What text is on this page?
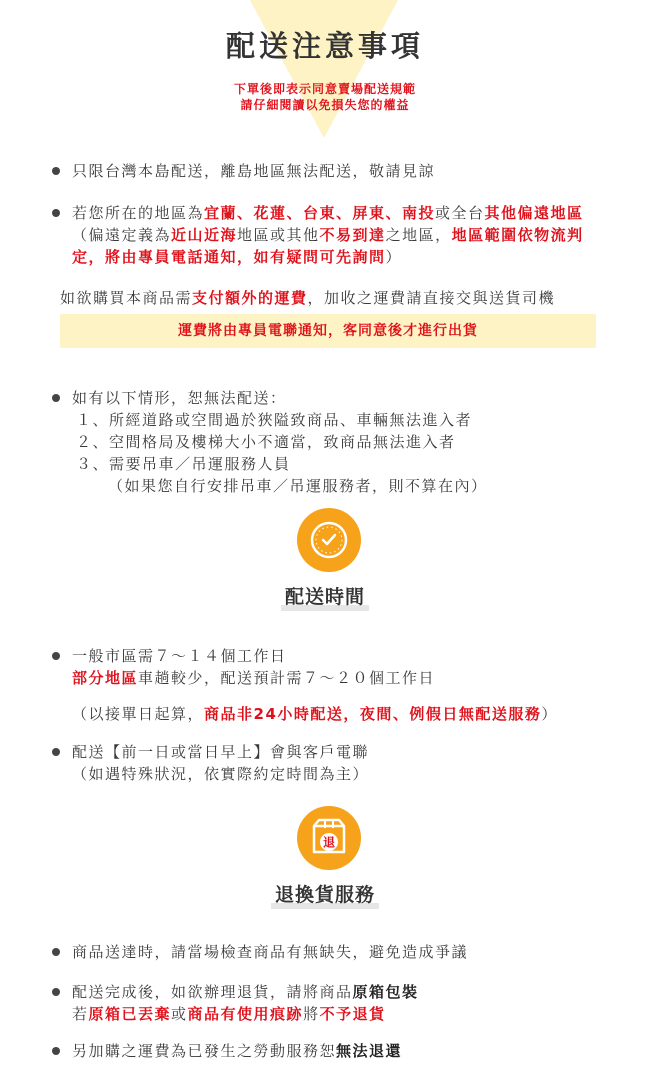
配送注意事項
下單後即表示同意賣場配送規範
請仔細閱讀以免損失您的權益
只限台灣本島配送，離島地區無法配送，敬請見諒
若您所在的地區為宜蘭、花蓮、台東、屏東、南投或全台其他偏遠地區（偏遠定義為近山近海地區或其他不易到達之地區，地區範圍依物流判定，將由專員電話通知，如有疑問可先詢問）
如欲購買本商品需支付額外的運費，加收之運費請直接交與送貨司機
運費將由專員電聯通知，客同意後才進行出貨
如有以下情形，恕無法配送：
１、所經道路或空間過於狹隘致商品、車輛無法進入者
２、空間格局及樓梯大小不適當，致商品無法進入者
３、需要吊車／吊運服務人員
（如果您自行安排吊車／吊運服務者，則不算在內）
配送時間
一般市區需７～１４個工作日
部分地區車趟較少，配送預計需７～２０個工作日
（以接單日起算，商品非24小時配送，夜間、例假日無配送服務）
配送【前一日或當日早上】會與客戶電聯
（如遇特殊狀況，依實際約定時間為主）
退
退換貨服務
商品送達時，請當場檢查商品有無缺失，避免造成爭議
配送完成後，如欲辦理退貨，請將商品原箱包裝
若原箱已丟棄或商品有使用痕跡將不予退貨
另加購之運費為已發生之勞動服務恕無法退還
